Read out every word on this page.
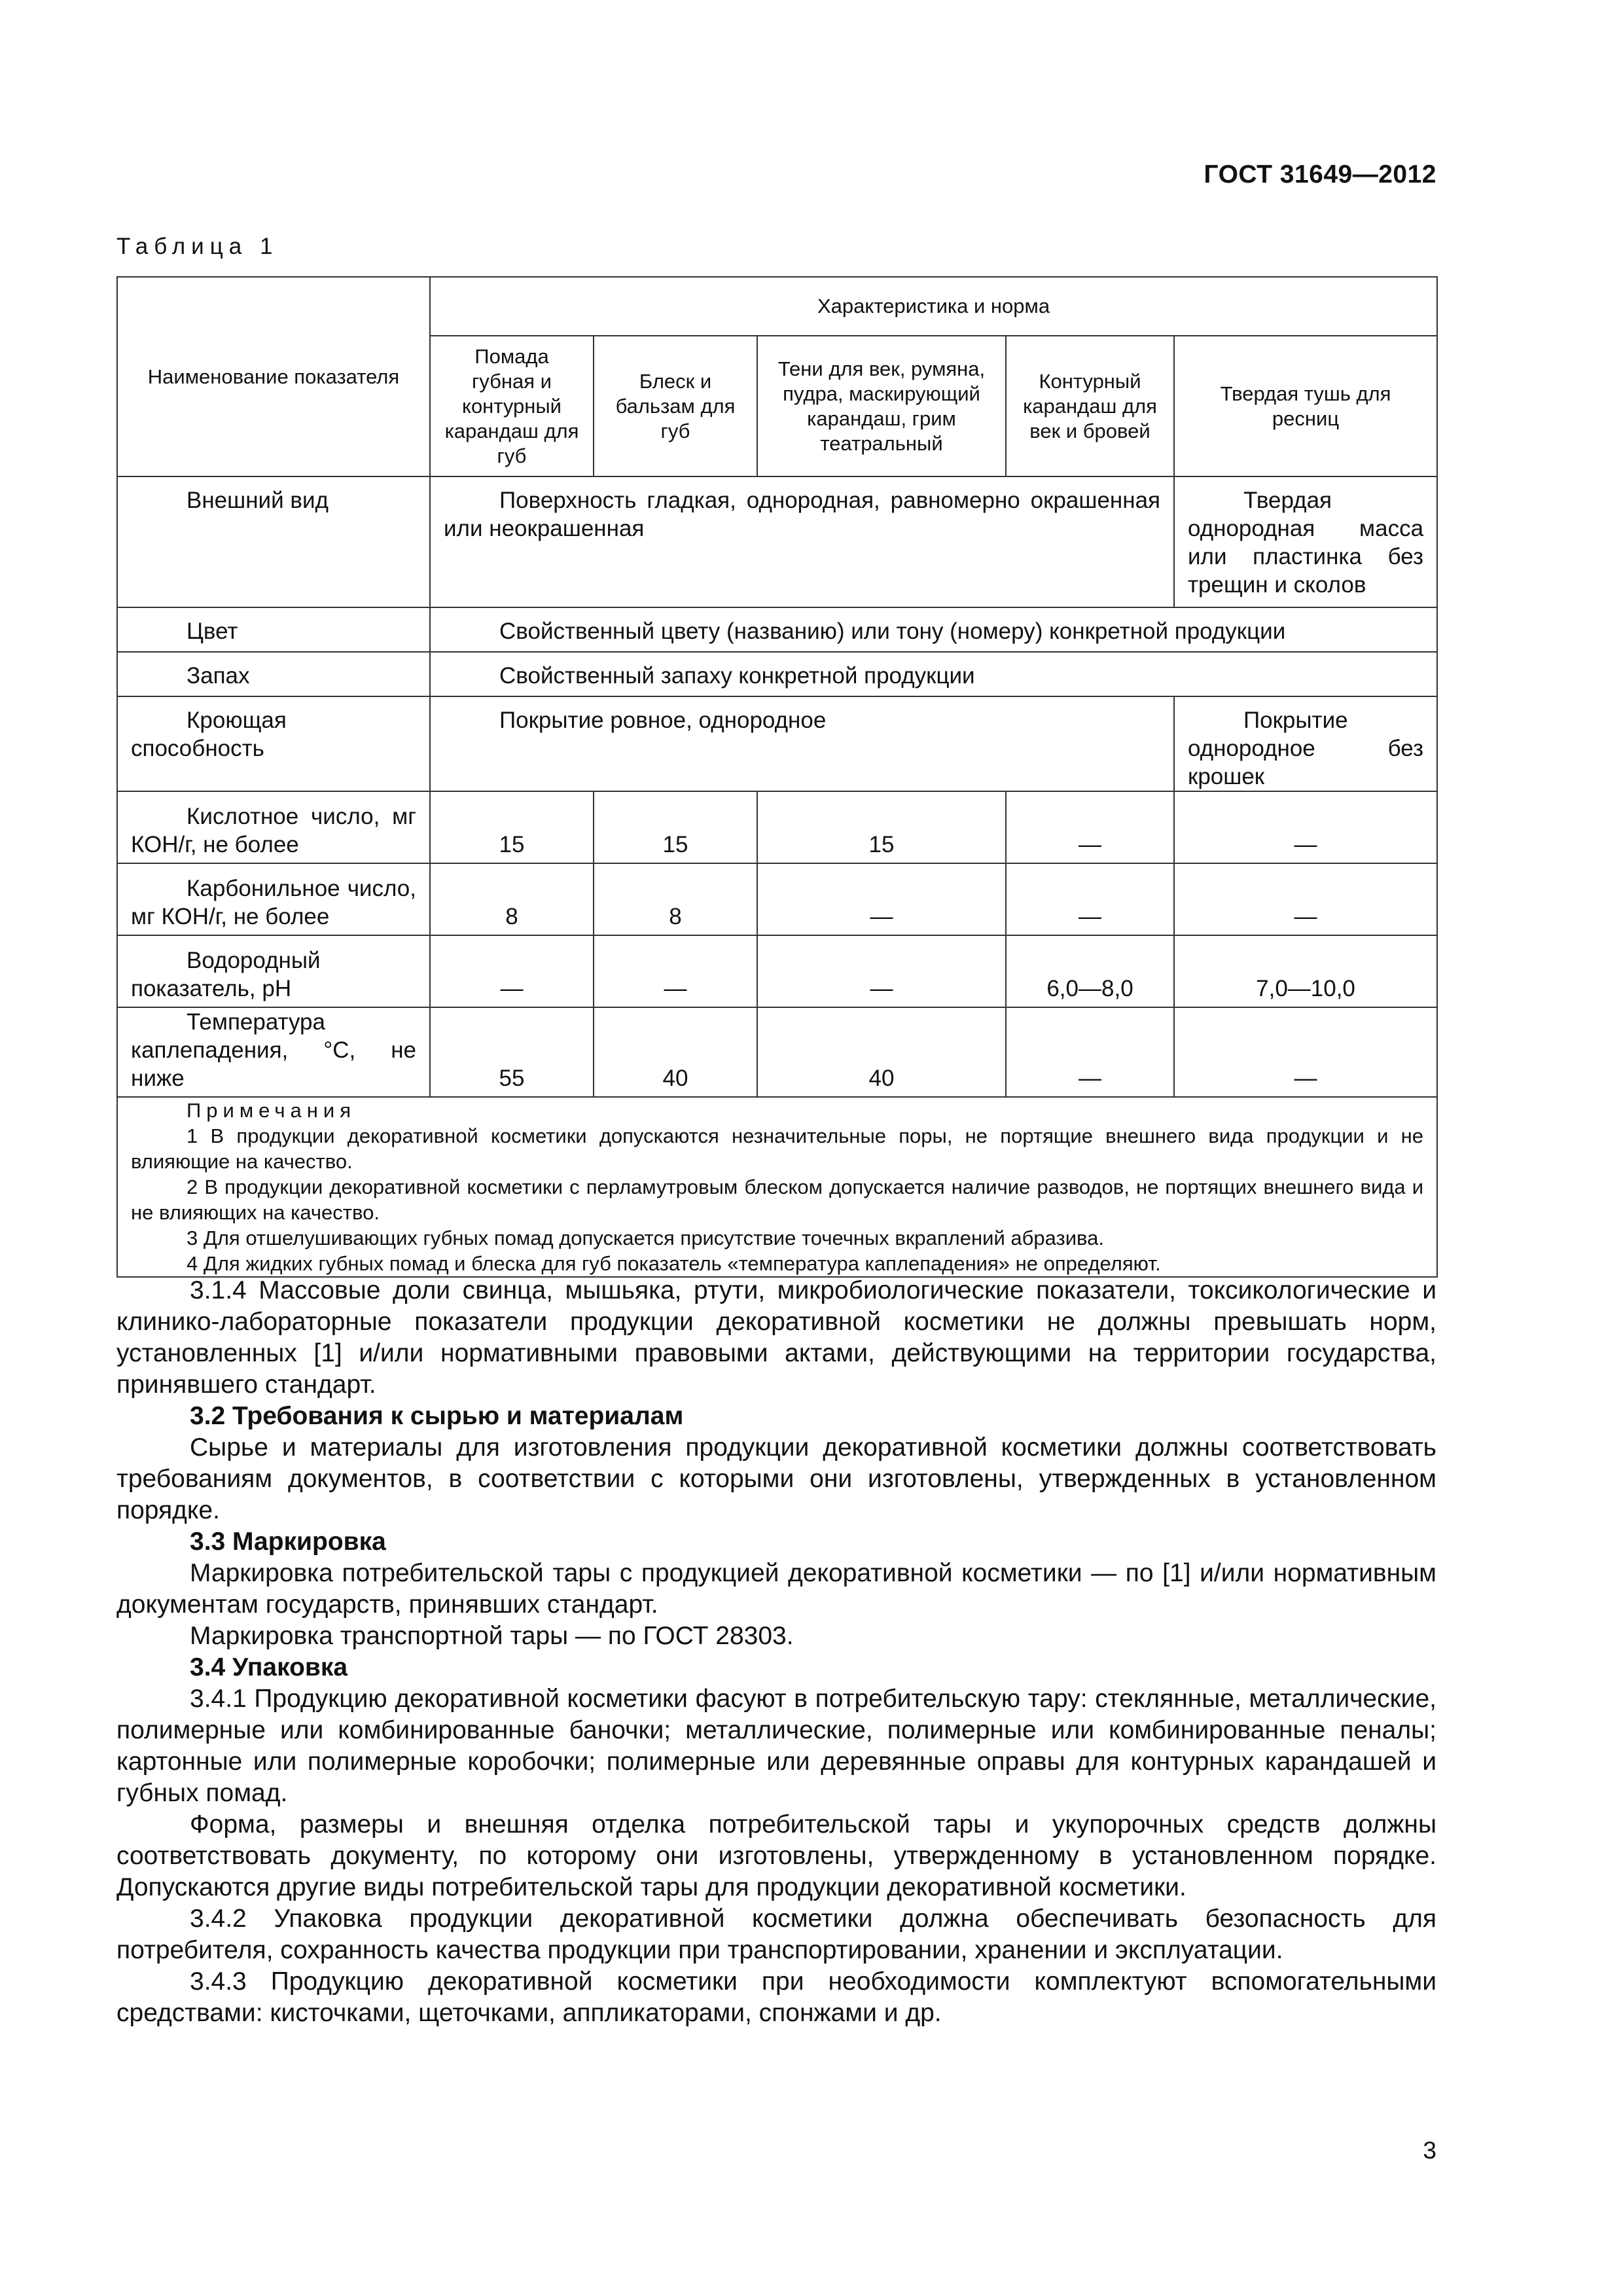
ГОСТ 31649—2012
Таблица 1
Наименование показателя	Характеристика и норма				
	Помада губная и контурный карандаш для губ	Блеск и бальзам для губ	Тени для век, румяна, пудра, маскирующий карандаш, грим театральный	Контурный карандаш для век и бровей	Твердая тушь для ресниц
Внешний вид	Поверхность гладкая, однородная, равномерно окрашенная или неокрашенная				Твердая однородная масса или пластинка без трещин и сколов
Цвет	Свойственный цвету (названию) или тону (номеру) конкретной продукции				
Запах	Свойственный запаху конкретной продукции				
Кроющая способность	Покрытие ровное, однородное				Покрытие однородное без крошек
Кислотное число, мг КОН/г, не более	15	15	15	—	—
Карбонильное число, мг КОН/г, не более	8	8	—	—	—
Водородный показатель, pH	—	—	—	6,0—8,0	7,0—10,0
Температура каплепадения, °С, не ниже	55	40	40	—	—

Примечания
1 В продукции декоративной косметики допускаются незначительные поры, не портящие внешнего вида продукции и не влияющие на качество.
2 В продукции декоративной косметики с перламутровым блеском допускается наличие разводов, не портящих внешнего вида и не влияющих на качество.
3 Для отшелушивающих губных помад допускается присутствие точечных вкраплений абразива.
4 Для жидких губных помад и блеска для губ показатель «температура каплепадения» не определяют.					

3.1.4 Массовые доли свинца, мышьяка, ртути, микробиологические показатели, токсикологические и клинико-лабораторные показатели продукции декоративной косметики не должны превышать норм, установленных [1] и/или нормативными правовыми актами, действующими на территории государства, принявшего стандарт.

3.2 Требования к сырью и материалам

Сырье и материалы для изготовления продукции декоративной косметики должны соответствовать требованиям документов, в соответствии с которыми они изготовлены, утвержденных в установленном порядке.

3.3 Маркировка

Маркировка потребительской тары с продукцией декоративной косметики — по [1] и/или нормативным документам государств, принявших стандарт.

Маркировка транспортной тары — по ГОСТ 28303.

3.4 Упаковка

3.4.1 Продукцию декоративной косметики фасуют в потребительскую тару: стеклянные, металлические, полимерные или комбинированные баночки; металлические, полимерные или комбинированные пеналы; картонные или полимерные коробочки; полимерные или деревянные оправы для контурных карандашей и губных помад.

Форма, размеры и внешняя отделка потребительской тары и укупорочных средств должны соответствовать документу, по которому они изготовлены, утвержденному в установленном порядке. Допускаются другие виды потребительской тары для продукции декоративной косметики.

3.4.2 Упаковка продукции декоративной косметики должна обеспечивать безопасность для потребителя, сохранность качества продукции при транспортировании, хранении и эксплуатации.

3.4.3 Продукцию декоративной косметики при необходимости комплектуют вспомогательными средствами: кисточками, щеточками, аппликаторами, спонжами и др.

3
